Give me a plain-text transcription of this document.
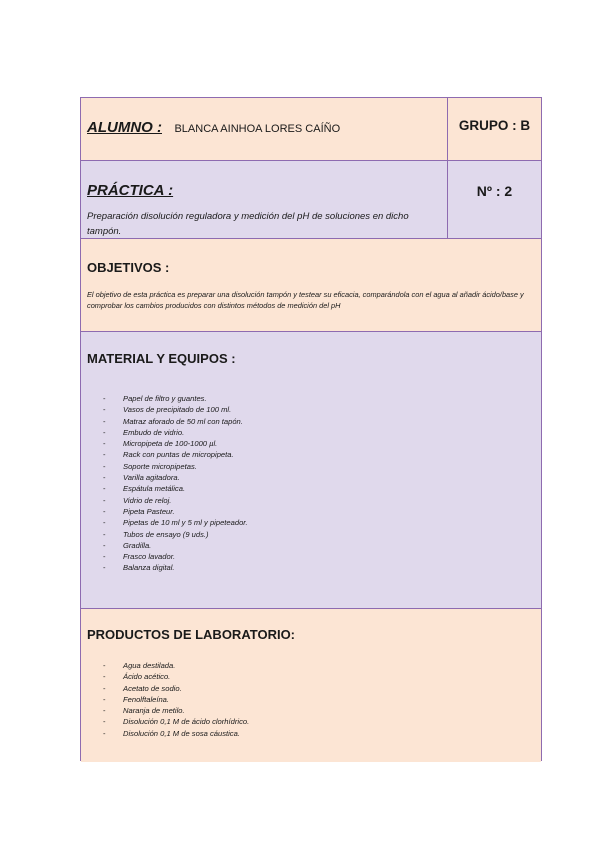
ALUMNO : BLANCA AINHOA LORES CAÍÑO	GRUPO : B
PRÁCTICA :
Preparación disolución reguladora y medición del pH de soluciones en dicho tampón.
Nº : 2
OBJETIVOS :
El objetivo de esta práctica es preparar una disolución tampón y testear su eficacia, comparándola con el agua al añadir ácido/base y comprobar los cambios producidos con distintos métodos de medición del pH
MATERIAL Y EQUIPOS :
- Papel de filtro y guantes.
- Vasos de precipitado de 100 ml.
- Matraz aforado de 50 ml con tapón.
- Embudo de vidrio.
- Micropipeta de 100-1000 µl.
- Rack con puntas de micropipeta.
- Soporte micropipetas.
- Varilla agitadora.
- Espátula metálica.
- Vidrio de reloj.
- Pipeta Pasteur.
- Pipetas de 10 ml y 5 ml y pipeteador.
- Tubos de ensayo (9 uds.)
- Gradilla.
- Frasco lavador.
- Balanza digital.
PRODUCTOS DE LABORATORIO:
- Agua destilada.
- Ácido acético.
- Acetato de sodio.
- Fenolftaleína.
- Naranja de metilo.
- Disolución 0,1 M de ácido clorhídrico.
- Disolución 0,1 M de sosa cáustica.
